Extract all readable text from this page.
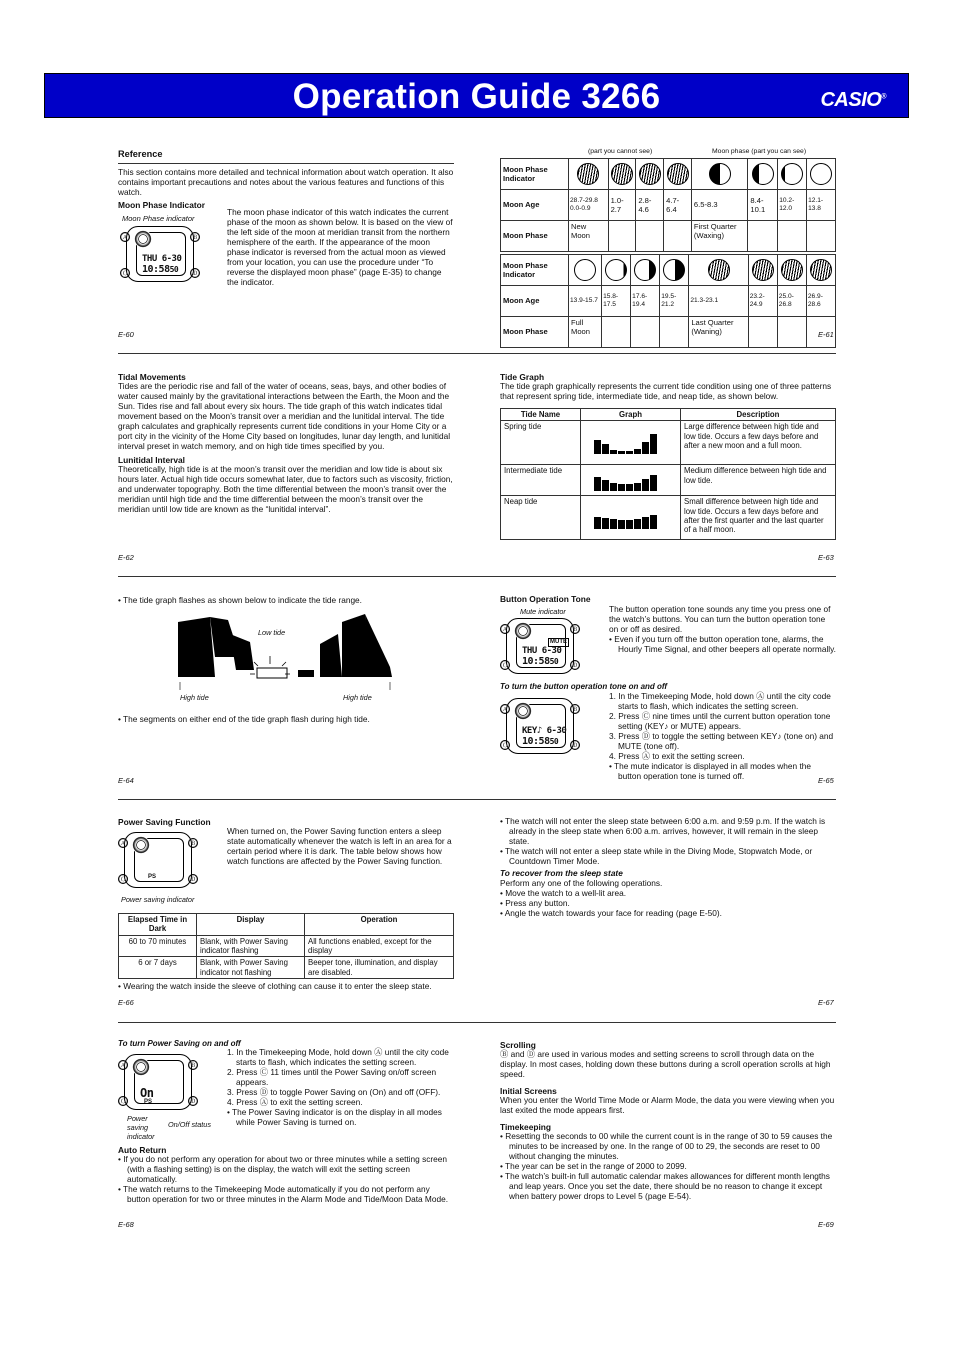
Operation Guide 3266	CASIO®
Reference

This section contains more detailed and technical information about watch operation. It also contains important precautions and notes about the various features and functions of this watch.

Moon Phase Indicator
Moon Phase indicator
THU 6-30
10:5850
Ⓐ	Ⓑ
Ⓒ	Ⓓ

The moon phase indicator of this watch indicates the current phase of the moon as shown below. It is based on the view of the left side of the moon at meridian transit from the northern hemisphere of the earth. If the appearance of the moon phase indicator is reversed from the actual moon as viewed from your location, you can use the procedure under “To reverse the displayed moon phase” (page E-35) to change the indicator.

E-60
(part you cannot see)	Moon phase (part you can see)
Moon Phase Indicator	

Moon Age	28.7-29.8 0.0-0.9	1.0-2.7	2.8-4.6	4.7-6.4	6.5-8.3	8.4-10.1	10.2-12.0	12.1-13.8
Moon Phase	New Moon				First Quarter (Waxing)			
Moon Phase Indicator	

Moon Age	13.9-15.7	15.8-17.5	17.6-19.4	19.5-21.2	21.3-23.1	23.2-24.9	25.0-26.8	26.9-28.6
Moon Phase	Full Moon				Last Quarter (Waning)				E-61
Tidal Movements

Tides are the periodic rise and fall of the water of oceans, seas, bays, and other bodies of water caused mainly by the gravitational interactions between the Earth, the Moon and the Sun. Tides rise and fall about every six hours. The tide graph of this watch indicates tidal movement based on the Moon’s transit over a meridian and the lunitidal interval. The tide graph calculates and graphically represents current tide conditions in your Home City or a port city in the vicinity of the Home City based on longitudes, lunar day length, and lunitidal interval preset in watch memory, and on high tide times specified by you.

Lunitidal Interval

Theoretically, high tide is at the moon’s transit over the meridian and low tide is about six hours later. Actual high tide occurs somewhat later, due to factors such as viscosity, friction, and underwater topography. Both the time differential between the moon’s transit over the meridian until high tide and the time differential between the moon’s transit over the meridian until low tide are known as the “lunitidal interval”.

E-62
Tide Graph

The tide graph graphically represents the current tide condition using one of three patterns that represent spring tide, intermediate tide, and neap tide, as shown below.

Tide Name	Graph	Description
Spring tide		Large difference between high tide and low tide. Occurs a few days before and after a new moon and a full moon.
Intermediate tide		Medium difference between high tide and low tide.
Neap tide		Small difference between high tide and low tide. Occurs a few days before and after the first quarter and the last quarter of a half moon.
E-63

• The tide graph flashes as shown below to indicate the tide range.

Low tide
High tide	High tide

• The segments on either end of the tide graph flash during high tide.

E-64
Button Operation Tone
Mute indicator
MUTE
THU 6-30
10:5850
Ⓐ	Ⓑ
Ⓒ	Ⓓ

The button operation tone sounds any time you press one of the watch’s buttons. You can turn the button operation tone on or off as desired.

• Even if you turn off the button operation tone, alarms, the Hourly Time Signal, and other beepers all operate normally.
To turn the button operation tone on and off
KEY♪ 6-30
10:5850
Ⓐ	Ⓑ
Ⓒ	Ⓓ
1. In the Timekeeping Mode, hold down Ⓐ until the city code starts to flash, which indicates the setting screen.
2. Press Ⓒ nine times until the current button operation tone setting (KEY♪ or MUTE) appears.
3. Press Ⓓ to toggle the setting between KEY♪ (tone on) and MUTE (tone off).
4. Press Ⓐ to exit the setting screen.
• The mute indicator is displayed in all modes when the button operation tone is turned off.	E-65
Power Saving Function
PS
Ⓐ	Ⓑ
Ⓒ	Ⓓ
Power saving indicator

When turned on, the Power Saving function enters a sleep state automatically whenever the watch is left in an area for a certain period where it is dark. The table below shows how watch functions are affected by the Power Saving function.

Elapsed Time in Dark	Display	Operation
60 to 70 minutes	Blank, with Power Saving indicator flashing	All functions enabled, except for the display
6 or 7 days	Blank, with Power Saving indicator not flashing	Beeper tone, illumination, and display are disabled.

• Wearing the watch inside the sleeve of clothing can cause it to enter the sleep state.

E-66
• The watch will not enter the sleep state between 6:00 a.m. and 9:59 p.m. If the watch is already in the sleep state when 6:00 a.m. arrives, however, it will remain in the sleep state.
• The watch will not enter a sleep state while in the Diving Mode, Stopwatch Mode, or Countdown Timer Mode.
To recover from the sleep state

Perform any one of the following operations.

• Move the watch to a well-lit area.
• Press any button.
• Angle the watch towards your face for reading (page E-50).
E-67
To turn Power Saving on and off
On
PS
Ⓐ	Ⓑ
Ⓒ	Ⓓ
Power saving indicator
On/Off status
1. In the Timekeeping Mode, hold down Ⓐ until the city code starts to flash, which indicates the setting screen.
2. Press Ⓒ 11 times until the Power Saving on/off screen appears.
3. Press Ⓓ to toggle Power Saving on (On) and off (OFF).
4. Press Ⓐ to exit the setting screen.
• The Power Saving indicator is on the display in all modes while Power Saving is turned on.
Auto Return
• If you do not perform any operation for about two or three minutes while a setting screen (with a flashing setting) is on the display, the watch will exit the setting screen automatically.
• The watch returns to the Timekeeping Mode automatically if you do not perform any button operation for two or three minutes in the Alarm Mode and Tide/Moon Data Mode.
E-68
Scrolling

Ⓑ and Ⓓ are used in various modes and setting screens to scroll through data on the display. In most cases, holding down these buttons during a scroll operation scrolls at high speed.

Initial Screens

When you enter the World Time Mode or Alarm Mode, the data you were viewing when you last exited the mode appears first.

Timekeeping
• Resetting the seconds to 00 while the current count is in the range of 30 to 59 causes the minutes to be increased by one. In the range of 00 to 29, the seconds are reset to 00 without changing the minutes.
• The year can be set in the range of 2000 to 2099.
• The watch’s built-in full automatic calendar makes allowances for different month lengths and leap years. Once you set the date, there should be no reason to change it except when battery power drops to Level 5 (page E-54).
E-69
